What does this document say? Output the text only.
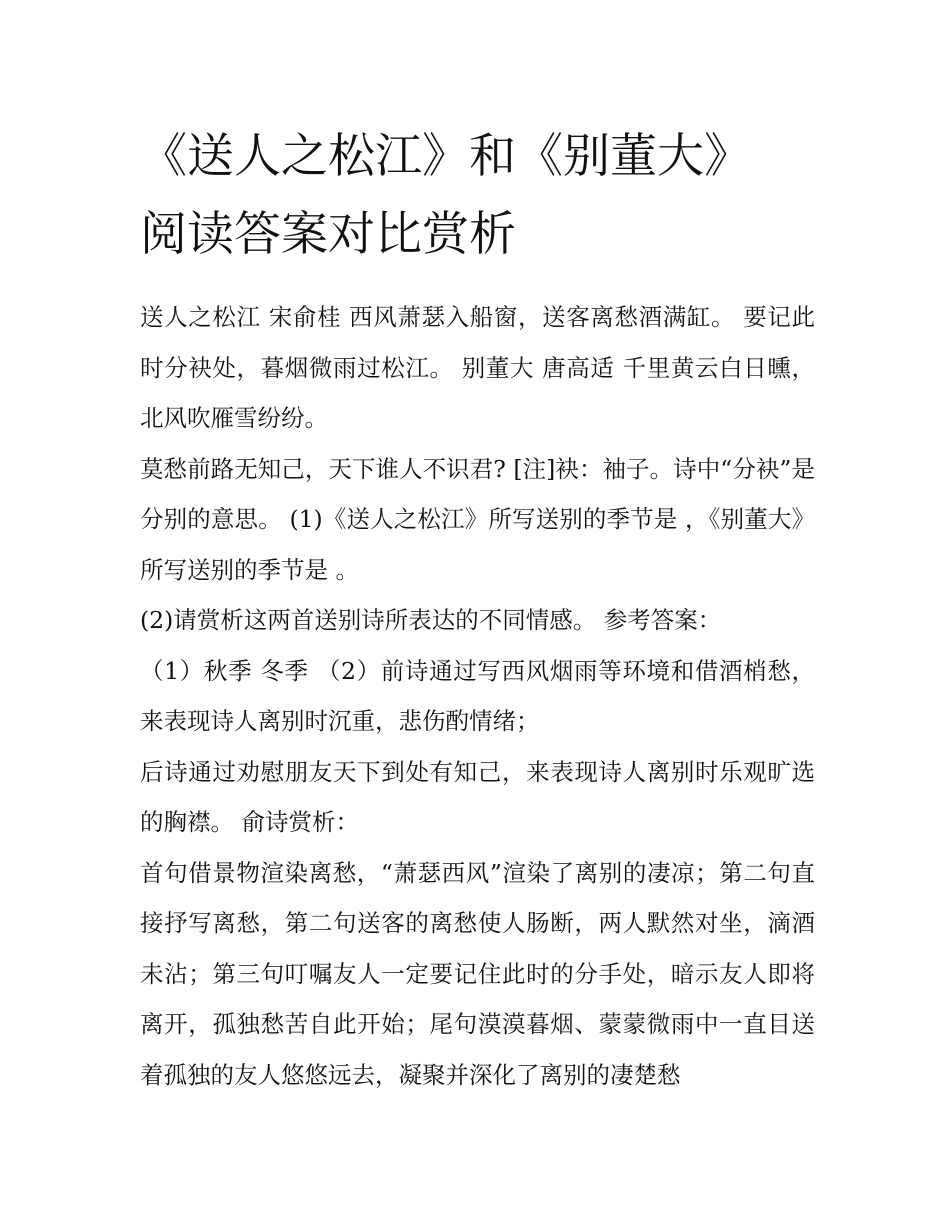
《送人之松江》和《别董大》
阅读答案对比赏析

送人之松江 宋俞桂 西风萧瑟入船窗，送客离愁酒满缸。 要记此时分袂处，暮烟微雨过松江。 别董大 唐高适 千里黄云白日曛，北风吹雁雪纷纷。

莫愁前路无知己，天下谁人不识君? [注]袂：袖子。诗中“分袂”是分别的意思。 (1)《送人之松江》所写送别的季节是 ，《别董大》所写送别的季节是 。

(2)请赏析这两首送别诗所表达的不同情感。 参考答案：

（1）秋季 冬季 （2）前诗通过写西风烟雨等环境和借酒梢愁，来表现诗人离别时沉重，悲伤酌情绪；

后诗通过劝慰朋友天下到处有知己，来表现诗人离别时乐观旷选的胸襟。 俞诗赏析：

首句借景物渲染离愁，“萧瑟西风”渲染了离别的凄凉；第二句直接抒写离愁，第二句送客的离愁使人肠断，两人默然对坐，滴酒未沾；第三句叮嘱友人一定要记住此时的分手处，暗示友人即将离开，孤独愁苦自此开始；尾句漠漠暮烟、蒙蒙微雨中一直目送着孤独的友人悠悠远去，凝聚并深化了离别的凄楚愁
